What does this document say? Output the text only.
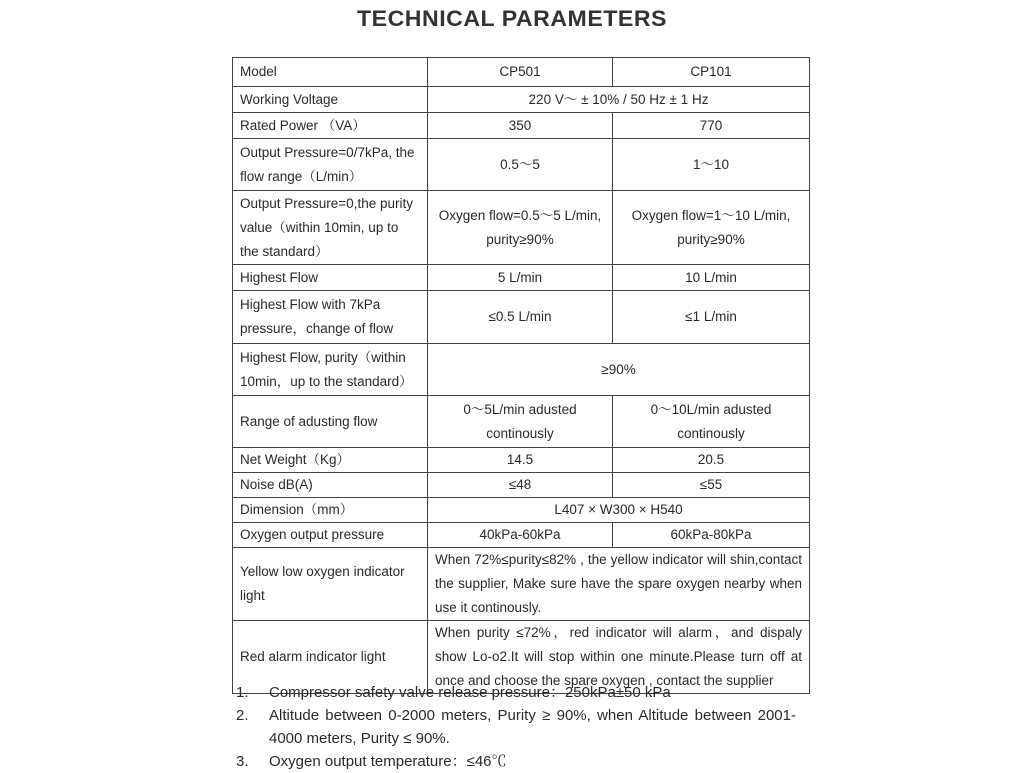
TECHNICAL PARAMETERS
Model	CP501	CP101
Working Voltage	220 V～ ± 10% / 50 Hz ± 1 Hz	
Rated Power （VA）	350	770
Output Pressure=0/7kPa, the flow range（L/min）	0.5～5	1～10
Output Pressure=0,the purity value（within 10min, up to the standard）	Oxygen flow=0.5～5 L/min, purity≥90%	Oxygen flow=1～10 L/min, purity≥90%
Highest Flow	5 L/min	10 L/min
Highest Flow with 7kPa pressure，change of flow	≤0.5 L/min	≤1 L/min
Highest Flow, purity（within 10min，up to the standard）	≥90%	
Range of adusting flow	0～5L/min adusted continously	0～10L/min adusted continously
Net Weight（Kg）	14.5	20.5
Noise dB(A)	≤48	≤55
Dimension（mm）	L407 × W300 × H540	
Oxygen output pressure	40kPa-60kPa	60kPa-80kPa
Yellow low oxygen indicator light	When 72%≤purity≤82% , the yellow indicator will shin,contact the supplier, Make sure have the spare oxygen nearby when use it continously.	
Red alarm indicator light	When purity ≤72%，red indicator will alarm，and dispaly show Lo-o2.It will stop within one minute.Please turn off at once and choose the spare oxygen , contact the supplier	
1.	Compressor safety valve release pressure：250kPa±50 kPa
2.	Altitude between 0-2000 meters, Purity ≥ 90%, when Altitude between 2001-4000 meters, Purity ≤ 90%.
3.	Oxygen output temperature：≤46℃
